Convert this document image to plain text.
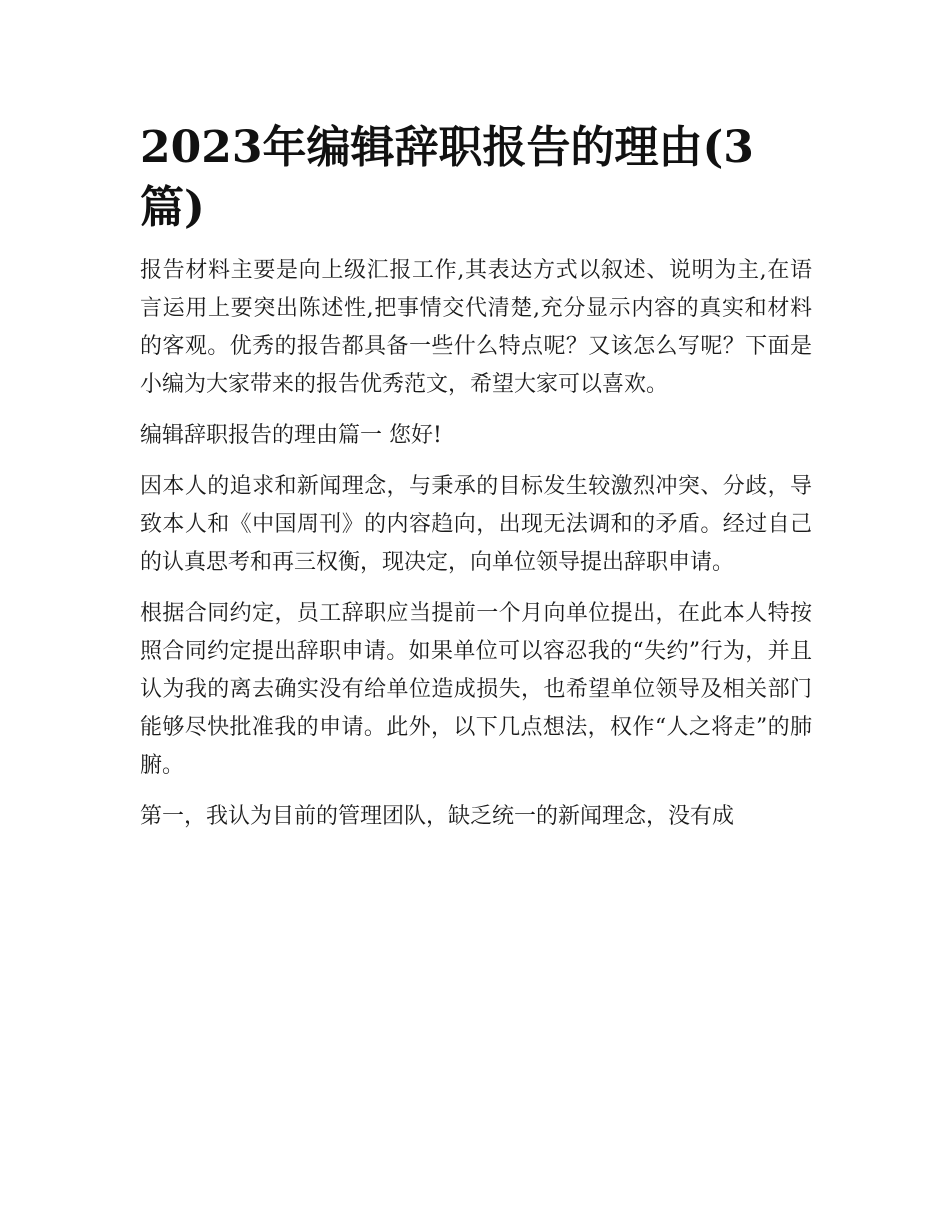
2023年编辑辞职报告的理由(3篇)

报告材料主要是向上级汇报工作,其表达方式以叙述、说明为主,在语言运用上要突出陈述性,把事情交代清楚,充分显示内容的真实和材料的客观。优秀的报告都具备一些什么特点呢？又该怎么写呢？下面是小编为大家带来的报告优秀范文，希望大家可以喜欢。

编辑辞职报告的理由篇一 您好!

因本人的追求和新闻理念，与秉承的目标发生较激烈冲突、分歧，导致本人和《中国周刊》的内容趋向，出现无法调和的矛盾。经过自己的认真思考和再三权衡，现决定，向单位领导提出辞职申请。

根据合同约定，员工辞职应当提前一个月向单位提出，在此本人特按照合同约定提出辞职申请。如果单位可以容忍我的“失约”行为，并且认为我的离去确实没有给单位造成损失，也希望单位领导及相关部门能够尽快批准我的申请。此外，以下几点想法，权作“人之将走”的肺腑。

第一，我认为目前的管理团队，缺乏统一的新闻理念，没有成
